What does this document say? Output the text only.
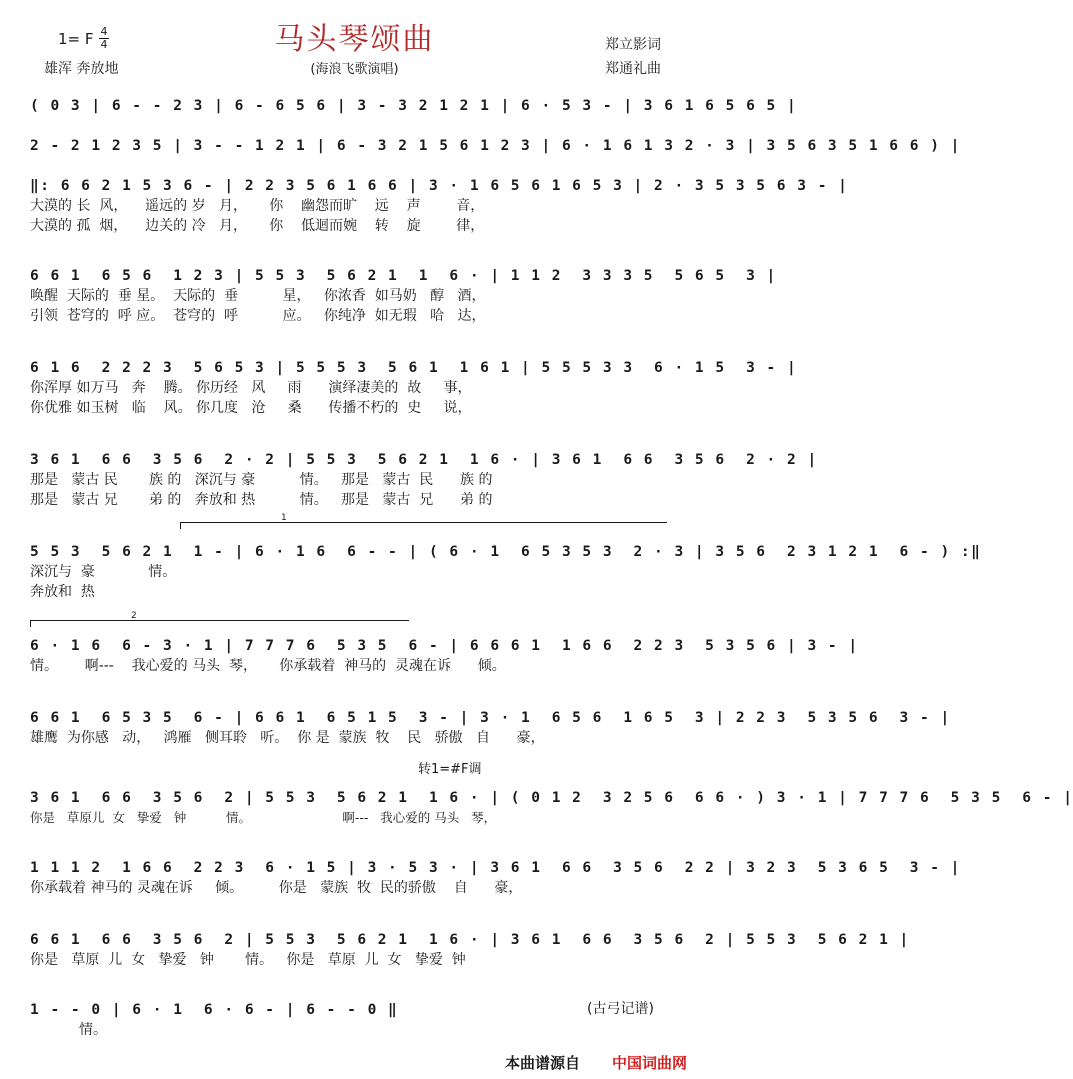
1= F 4
4
雄浑 奔放地
马头琴颂曲
(海浪飞歌演唱)
郑立影词
郑通礼曲
( 0 3 | 6 - - 2 3 | 6 - 6 5 6 | 3 - 3 2 1 2 1 | 6 · 5 3 - | 3 6 1 6 5 6 5 |
2 - 2 1 2 3 5 | 3 - - 1 2 1 | 6 - 3 2 1 5 6 1 2 3 | 6 · 1 6 1 3 2 · 3 | 3 5 6 3 5 1 6 6 ) |
‖: 6 6 2 1 5 3 6 - | 2 2 3 5 6 1 6 6 | 3 · 1 6 5 6 1 6 5 3 | 2 · 3 5 3 5 6 3 - |
大漠的 长  风，    遥远的 岁   月，     你    幽怨而旷    远    声        音，
大漠的 孤  烟，    边关的 冷   月，     你    低迴而婉    转    旋        律，
6 6 1  6 5 6  1 2 3 | 5 5 3  5 6 2 1  1  6 · | 1 1 2  3 3 3 5  5 6 5  3 |
唤醒  天际的  垂 星。  天际的  垂          星，   你浓香  如马奶   醇   酒，
引领  苍穹的  呼 应。  苍穹的  呼          应。   你纯净  如无瑕   哈   达，
6 1 6  2 2 2 3  5 6 5 3 | 5 5 5 3  5 6 1  1 6 1 | 5 5 5 3 3  6 · 1 5  3 - |
你浑厚 如万马   奔    腾。 你历经   风     雨      演绎凄美的  故     事，
你优雅 如玉树   临    风。 你几度   沧     桑      传播不朽的  史     说，
3 6 1  6 6  3 5 6  2 · 2 | 5 5 3  5 6 2 1  1 6 · | 3 6 1  6 6  3 5 6  2 · 2 |
那是   蒙古 民       族 的   深沉与 豪          情。   那是   蒙古  民      族 的
那是   蒙古 兄       弟 的   奔放和 热          情。   那是   蒙古  兄      弟 的
1
5 5 3  5 6 2 1  1 - | 6 · 1 6  6 - - | ( 6 · 1  6 5 3 5 3  2 · 3 | 3 5 6  2 3 1 2 1  6 - ) :‖
深沉与  豪            情。
奔放和  热
2
6 · 1 6  6 - 3 · 1 | 7 7 7 6  5 3 5  6 - | 6 6 6 1  1 6 6  2 2 3  5 3 5 6 | 3 - |
情。      啊---    我心爱的 马头  琴，     你承载着  神马的  灵魂在诉      倾。
6 6 1  6 5 3 5  6 - | 6 6 1  6 5 1 5  3 - | 3 · 1  6 5 6  1 6 5  3 | 2 2 3  5 3 5 6  3 - |
雄鹰  为你感   动，   鸿雁   侧耳聆   听。  你 是  蒙族  牧    民   骄傲   自      豪，
转1=#F调
3 6 1  6 6  3 5 6  2 | 5 5 3  5 6 2 1  1 6 · | ( 0 1 2  3 2 5 6  6 6 · ) 3 · 1 | 7 7 7 6  5 3 5  6 - |
你是   草原儿  女   挚爱   钟          情。                       啊---   我心爱的 马头   琴，
1 1 1 2  1 6 6  2 2 3  6 · 1 5 | 3 · 5 3 · | 3 6 1  6 6  3 5 6  2 2 | 3 2 3  5 3 6 5  3 - |
你承载着 神马的 灵魂在诉     倾。        你是   蒙族  牧  民的骄傲    自      豪，
6 6 1  6 6  3 5 6  2 | 5 5 3  5 6 2 1  1 6 · | 3 6 1  6 6  3 5 6  2 | 5 5 3  5 6 2 1 |
你是   草原  儿  女   挚爱   钟       情。   你是   草原  儿  女   挚爱  钟
1 - - 0 | 6 · 1  6 · 6 - | 6 - - 0 ‖
情。
(古弓记谱)
本曲谱源自 中国词曲网
